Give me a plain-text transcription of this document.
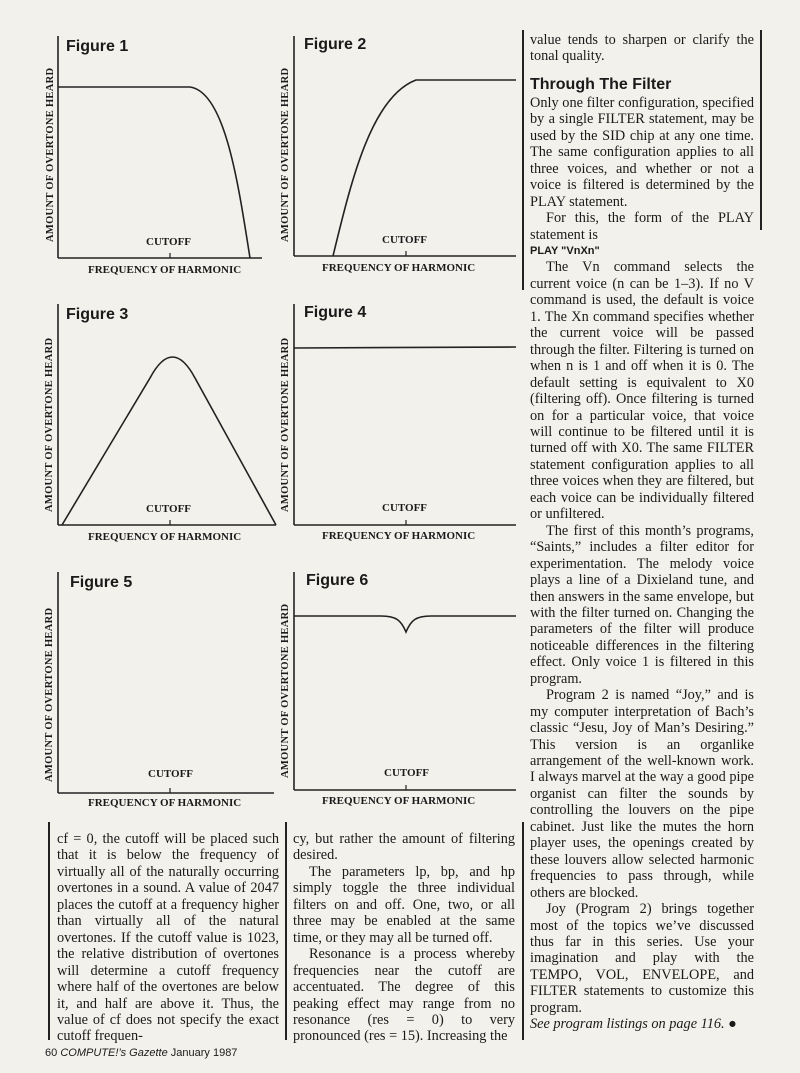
Figure 1
AMOUNT OF OVERTONE HEARD	CUTOFF
FREQUENCY OF HARMONIC
Figure 2
AMOUNT OF OVERTONE HEARD	CUTOFF
FREQUENCY OF HARMONIC
Figure 3
AMOUNT OF OVERTONE HEARD	CUTOFF
FREQUENCY OF HARMONIC
Figure 4
AMOUNT OF OVERTONE HEARD	CUTOFF
FREQUENCY OF HARMONIC
Figure 5
AMOUNT OF OVERTONE HEARD	CUTOFF
FREQUENCY OF HARMONIC
Figure 6
AMOUNT OF OVERTONE HEARD	CUTOFF
FREQUENCY OF HARMONIC

value tends to sharpen or clarify the tonal quality.

Through The Filter

Only one filter configuration, specified by a single FILTER statement, may be used by the SID chip at any one time. The same configuration applies to all three voices, and whether or not a voice is filtered is determined by the PLAY statement.

For this, the form of the PLAY statement is

PLAY "VnXn"

The Vn command selects the current voice (n can be 1–3). If no V command is used, the default is voice 1. The Xn command specifies whether the current voice will be passed through the filter. Filtering is turned on when n is 1 and off when it is 0. The default setting is equivalent to X0 (filtering off). Once filtering is turned on for a particular voice, that voice will continue to be filtered until it is turned off with X0. The same FILTER statement configuration applies to all three voices when they are filtered, but each voice can be individually filtered or unfiltered.

The first of this month’s programs, “Saints,” includes a filter editor for experimentation. The melody voice plays a line of a Dixieland tune, and then answers in the same envelope, but with the filter turned on. Changing the parameters of the filter will produce noticeable differences in the filtering effect. Only voice 1 is filtered in this program.

Program 2 is named “Joy,” and is my computer interpretation of Bach’s classic “Jesu, Joy of Man’s Desiring.” This version is an organlike arrangement of the well-known work. I always marvel at the way a good pipe organist can filter the sounds by controlling the louvers on the pipe cabinet. Just like the mutes the horn player uses, the openings created by these louvers allow selected harmonic frequencies to pass through, while others are blocked.

Joy (Program 2) brings together most of the topics we’ve discussed thus far in this series. Use your imagination and play with the TEMPO, VOL, ENVELOPE, and FILTER statements to customize this program.

See program listings on page 116. ●

cf = 0, the cutoff will be placed such that it is below the frequency of virtually all of the naturally occurring overtones in a sound. A value of 2047 places the cutoff at a frequency higher than virtually all of the natural overtones. If the cutoff value is 1023, the relative distribution of overtones will determine a cutoff frequency where half of the overtones are below it, and half are above it. Thus, the value of cf does not specify the exact cutoff frequen-

cy, but rather the amount of filtering desired.

The parameters lp, bp, and hp simply toggle the three individual filters on and off. One, two, or all three may be enabled at the same time, or they may all be turned off.

Resonance is a process whereby frequencies near the cutoff are accentuated. The degree of this peaking effect may range from no resonance (res = 0) to very pronounced (res = 15). Increasing the

60 COMPUTE!’s Gazette January 1987
